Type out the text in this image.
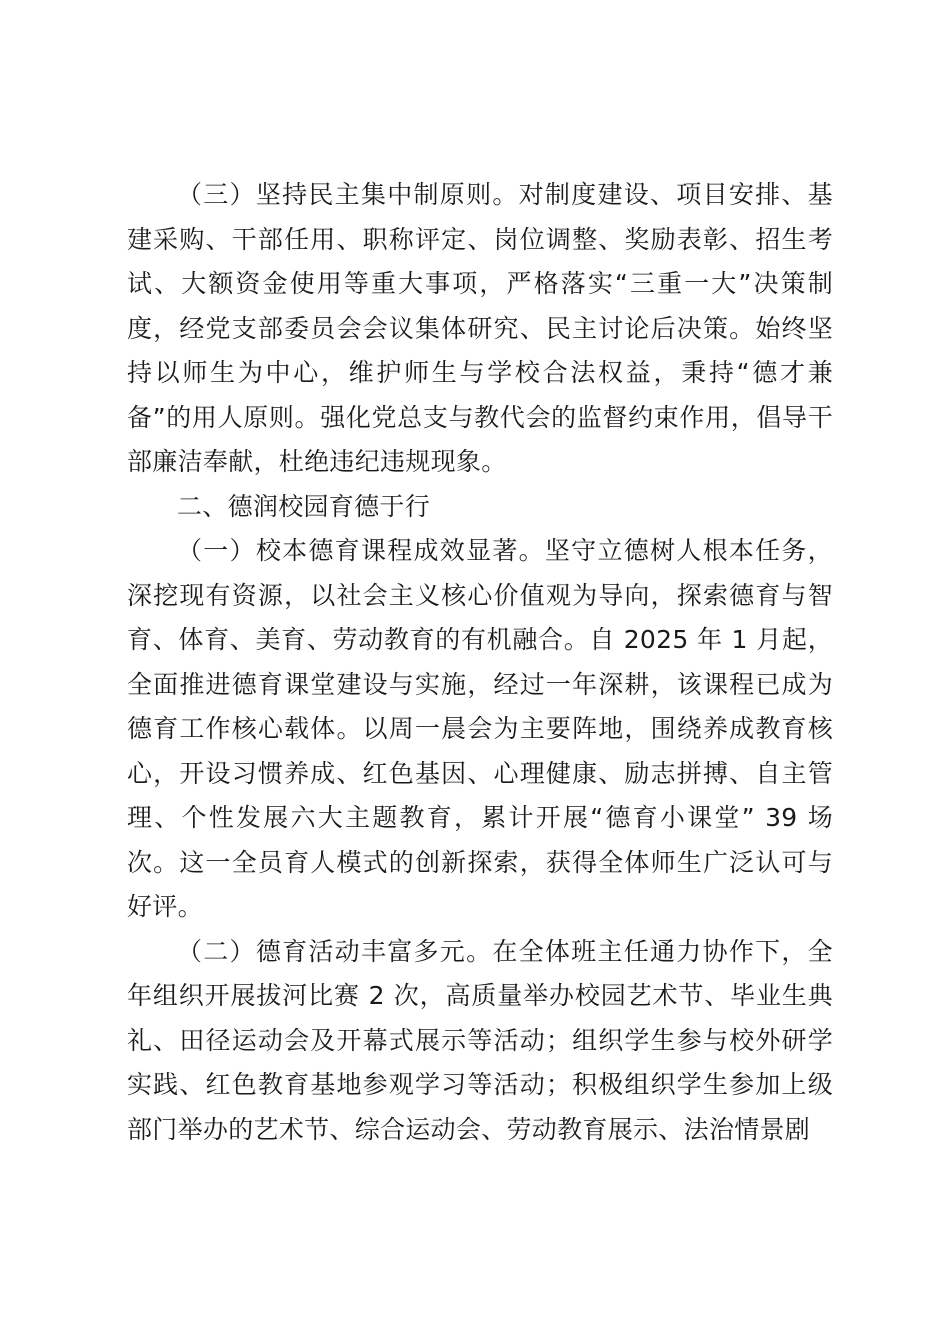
（三）坚持民主集中制原则。对制度建设、项目安排、基建采购、干部任用、职称评定、岗位调整、奖励表彰、招生考试、大额资金使用等重大事项，严格落实“三重一大”决策制度，经党支部委员会会议集体研究、民主讨论后决策。始终坚持以师生为中心，维护师生与学校合法权益，秉持“德才兼备”的用人原则。强化党总支与教代会的监督约束作用，倡导干部廉洁奉献，杜绝违纪违规现象。

二、德润校园育德于行

（一）校本德育课程成效显著。坚守立德树人根本任务，深挖现有资源，以社会主义核心价值观为导向，探索德育与智育、体育、美育、劳动教育的有机融合。自 2025 年 1 月起，全面推进德育课堂建设与实施，经过一年深耕，该课程已成为德育工作核心载体。以周一晨会为主要阵地，围绕养成教育核心，开设习惯养成、红色基因、心理健康、励志拼搏、自主管理、个性发展六大主题教育，累计开展“德育小课堂” 39 场次。这一全员育人模式的创新探索，获得全体师生广泛认可与好评。

（二）德育活动丰富多元。在全体班主任通力协作下，全年组织开展拔河比赛 2 次，高质量举办校园艺术节、毕业生典礼、田径运动会及开幕式展示等活动；组织学生参与校外研学实践、红色教育基地参观学习等活动；积极组织学生参加上级部门举办的艺术节、综合运动会、劳动教育展示、法治情景剧
